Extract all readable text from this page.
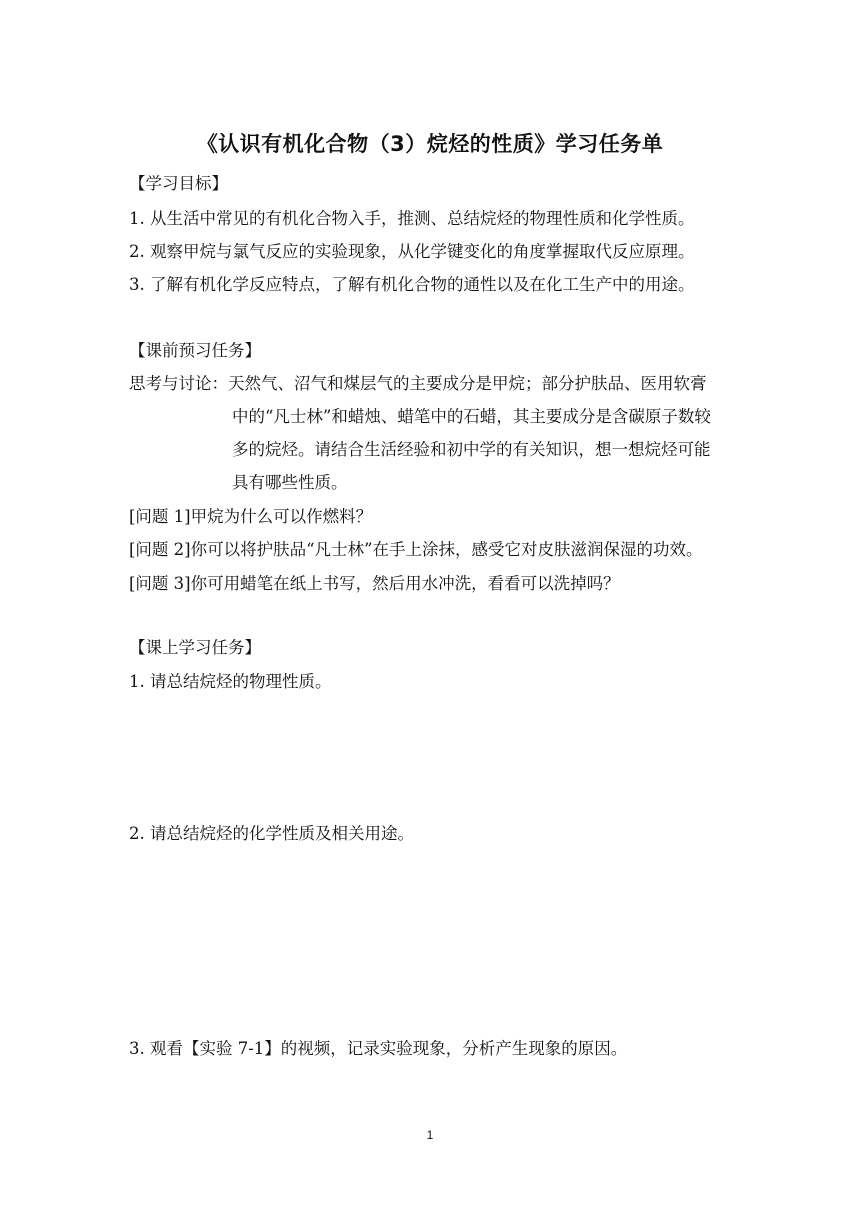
《认识有机化合物（3）烷烃的性质》学习任务单
【学习目标】
1. 从生活中常见的有机化合物入手，推测、总结烷烃的物理性质和化学性质。
2. 观察甲烷与氯气反应的实验现象，从化学键变化的角度掌握取代反应原理。
3. 了解有机化学反应特点，了解有机化合物的通性以及在化工生产中的用途。
【课前预习任务】
思考与讨论：天然气、沼气和煤层气的主要成分是甲烷；部分护肤品、医用软膏
中的“凡士林”和蜡烛、蜡笔中的石蜡，其主要成分是含碳原子数较
多的烷烃。请结合生活经验和初中学的有关知识，想一想烷烃可能
具有哪些性质。
[问题 1]甲烷为什么可以作燃料？
[问题 2]你可以将护肤品“凡士林”在手上涂抹，感受它对皮肤滋润保湿的功效。
[问题 3]你可用蜡笔在纸上书写，然后用水冲洗，看看可以洗掉吗？
【课上学习任务】
1. 请总结烷烃的物理性质。
2. 请总结烷烃的化学性质及相关用途。
3. 观看【实验 7-1】的视频，记录实验现象，分析产生现象的原因。
1
